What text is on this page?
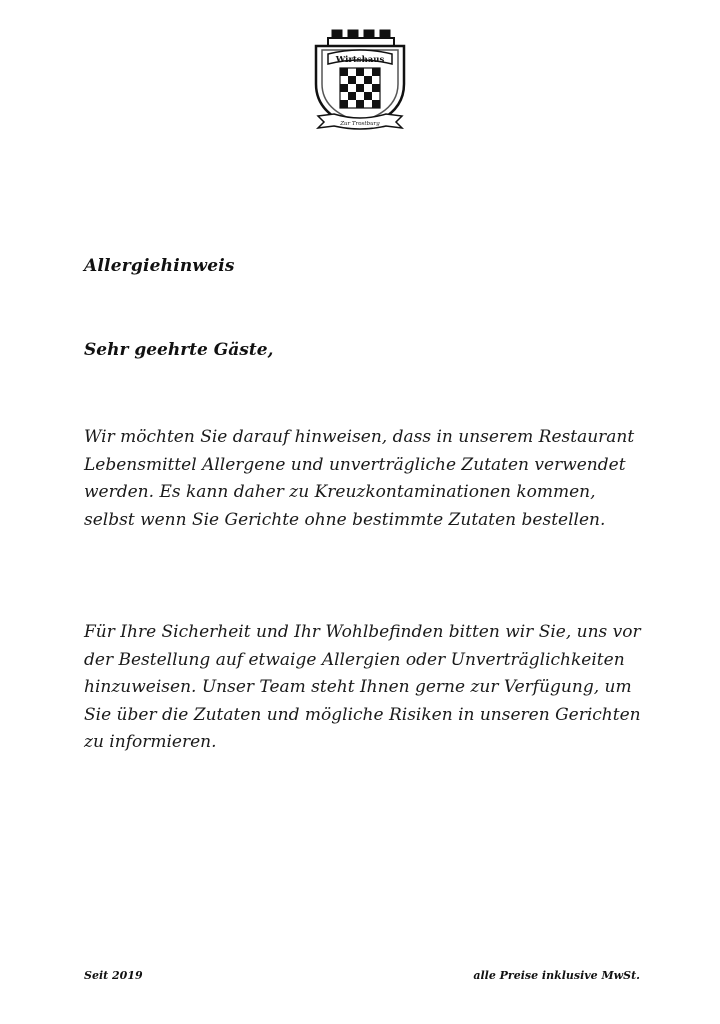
Wirtshaus
Zur Trostburg
Allergiehinweis
Sehr geehrte Gäste,
Wir möchten Sie darauf hinweisen, dass in unserem Restaurant Lebensmittel Allergene und unverträgliche Zutaten verwendet werden. Es kann daher zu Kreuzkontaminationen kommen, selbst wenn Sie Gerichte ohne bestimmte Zutaten bestellen.
Für Ihre Sicherheit und Ihr Wohlbefinden bitten wir Sie, uns vor der Bestellung auf etwaige Allergien oder Unverträglichkeiten hinzuweisen. Unser Team steht Ihnen gerne zur Verfügung, um Sie über die Zutaten und mögliche Risiken in unseren Gerichten zu informieren.
Seit 2019	alle Preise inklusive MwSt.
